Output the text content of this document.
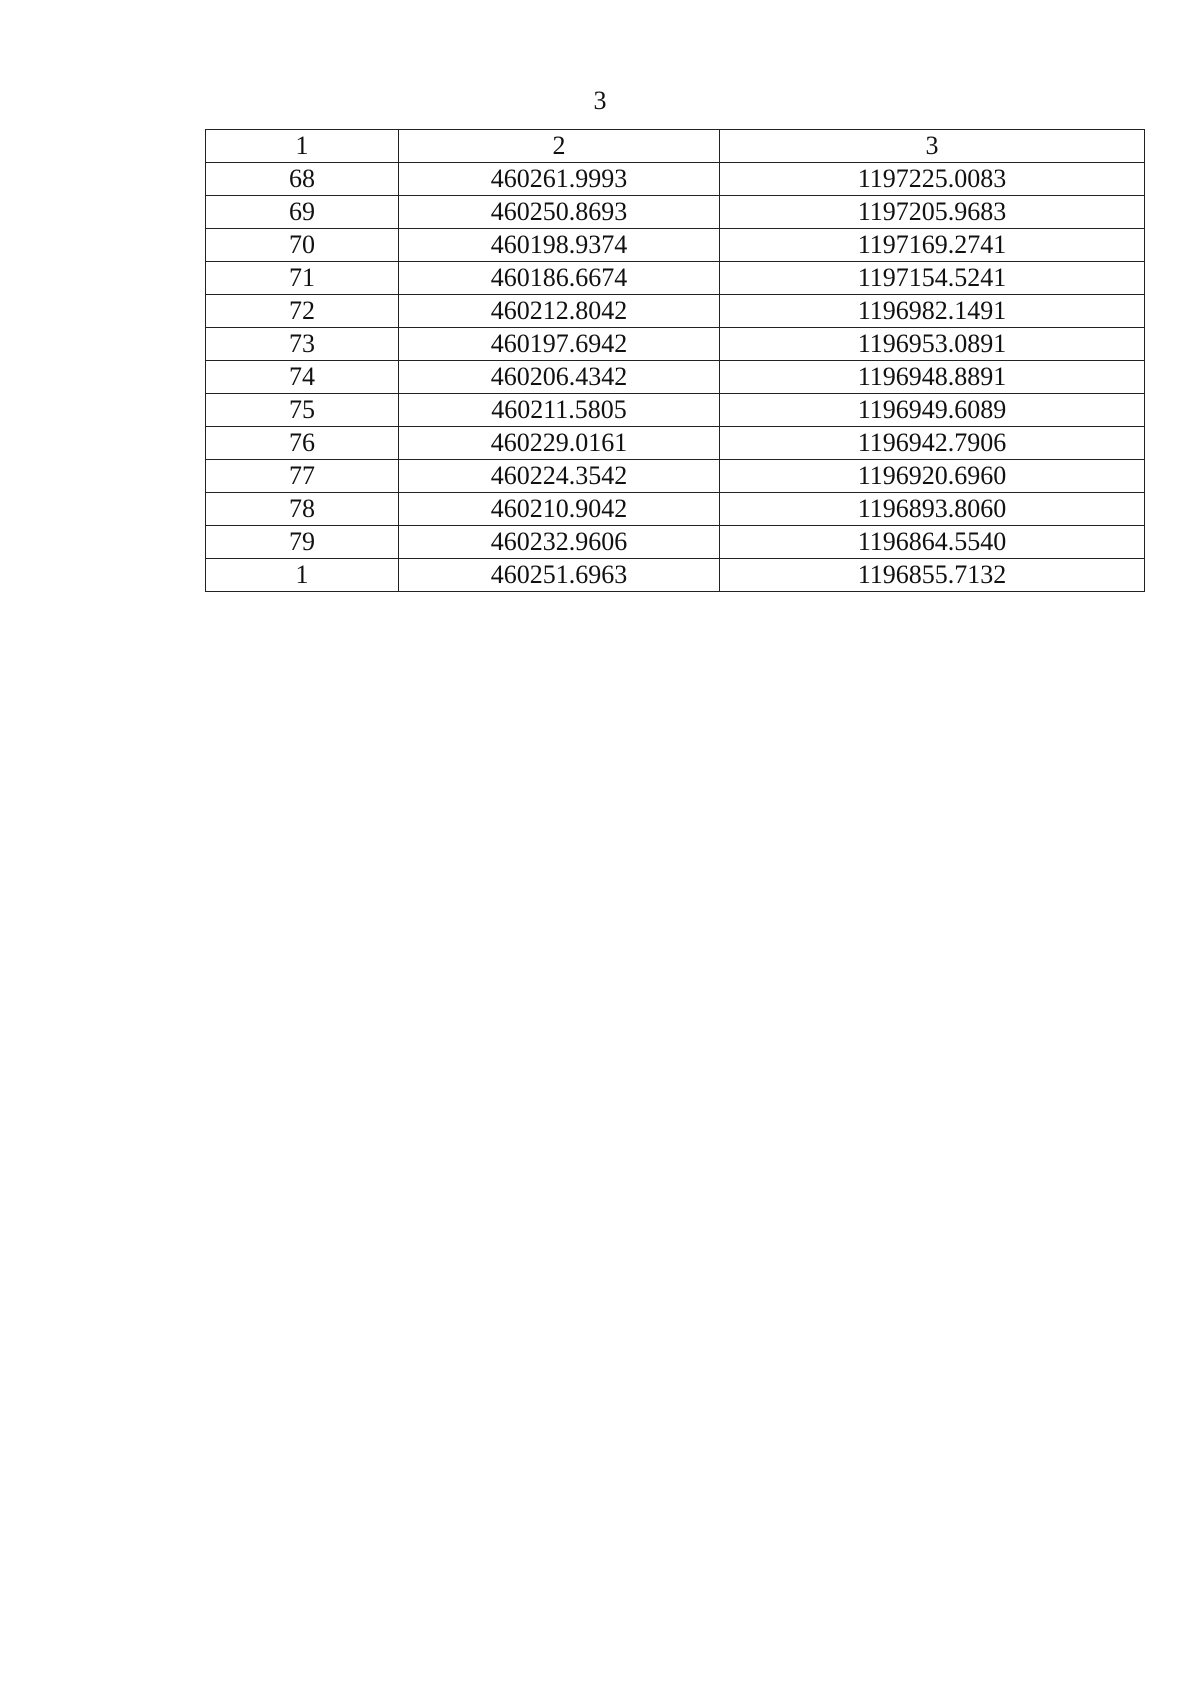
3
1	2	3
68	460261.9993	1197225.0083
69	460250.8693	1197205.9683
70	460198.9374	1197169.2741
71	460186.6674	1197154.5241
72	460212.8042	1196982.1491
73	460197.6942	1196953.0891
74	460206.4342	1196948.8891
75	460211.5805	1196949.6089
76	460229.0161	1196942.7906
77	460224.3542	1196920.6960
78	460210.9042	1196893.8060
79	460232.9606	1196864.5540
1	460251.6963	1196855.7132
